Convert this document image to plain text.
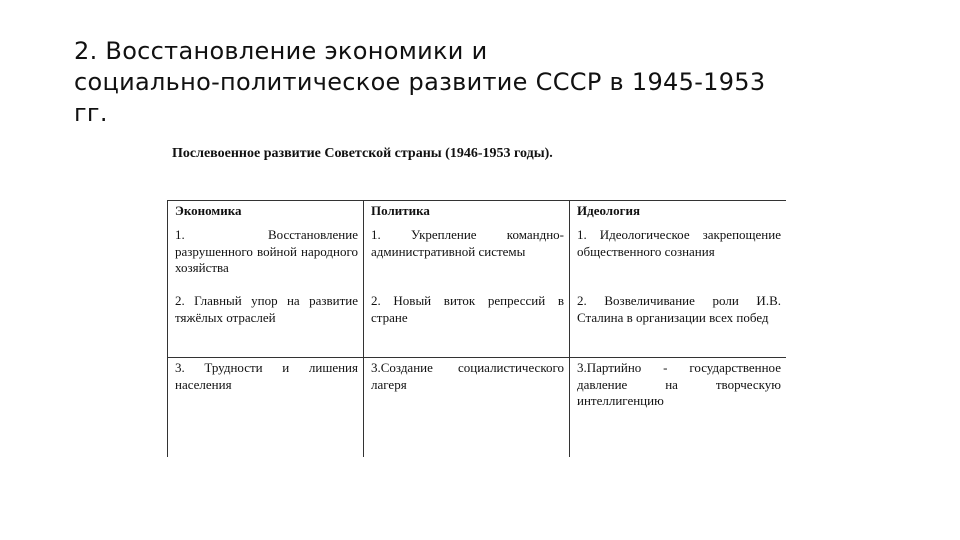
2. Восстановление экономики и
социально-политическое развитие СССР в 1945-1953
гг.
Послевоенное развитие Советской страны (1946-1953 годы).
Экономика	Политика	Идеология
1. Восстановление разрушенного войной народного хозяйства	1. Укрепление командно-административной системы	1. Идеологическое закрепощение общественного сознания
2. Главный упор на развитие тяжёлых отраслей	2. Новый виток репрессий в стране	2. Возвеличивание роли И.В. Сталина в организации всех побед
3. Трудности и лишения населения	3.Создание социалистического лагеря	3.Партийно - государственное давление на творческую интеллигенцию
